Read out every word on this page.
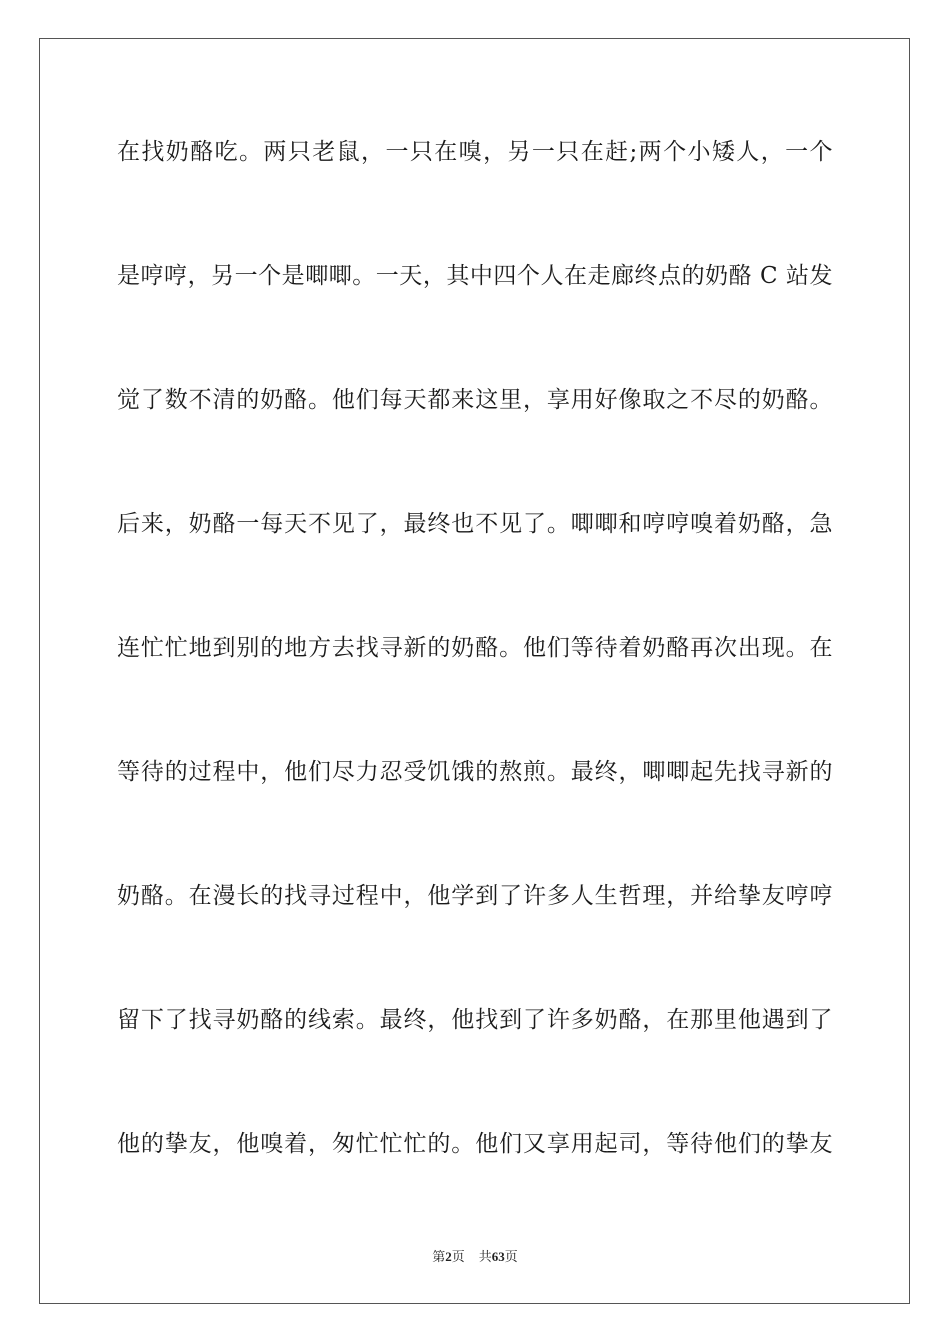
在找奶酪吃。两只老鼠，一只在嗅，另一只在赶;两个小矮人，一个
是哼哼，另一个是唧唧。一天，其中四个人在走廊终点的奶酪 C 站发
觉了数不清的奶酪。他们每天都来这里，享用好像取之不尽的奶酪。
后来，奶酪一每天不见了，最终也不见了。唧唧和哼哼嗅着奶酪，急
连忙忙地到别的地方去找寻新的奶酪。他们等待着奶酪再次出现。在
等待的过程中，他们尽力忍受饥饿的熬煎。最终，唧唧起先找寻新的
奶酪。在漫长的找寻过程中，他学到了许多人生哲理，并给挚友哼哼
留下了找寻奶酪的线索。最终，他找到了许多奶酪，在那里他遇到了
他的挚友，他嗅着，匆忙忙忙的。他们又享用起司，等待他们的挚友
第2页 共63页
